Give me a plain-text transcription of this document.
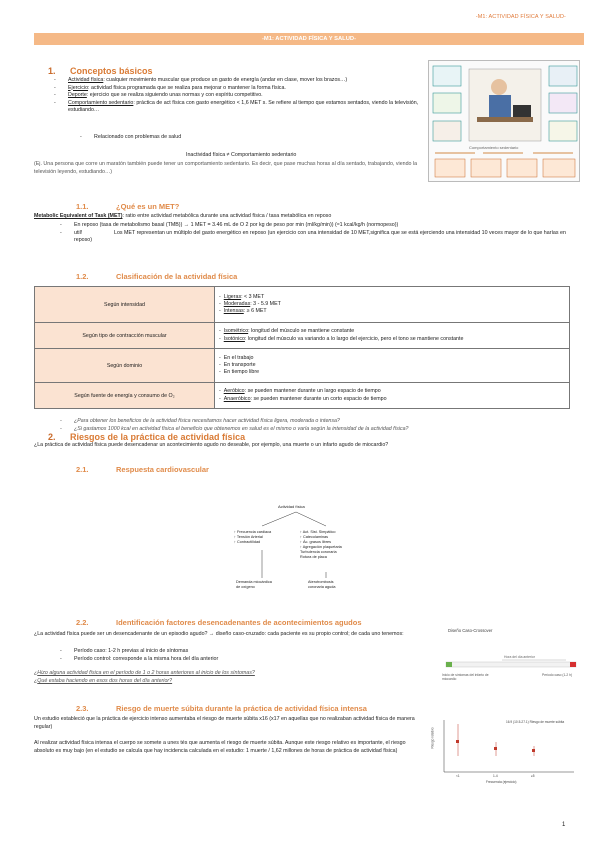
-M1: ACTIVIDAD FÍSICA Y SALUD-
-M1: ACTIVIDAD FÍSICA Y SALUD-
1. Conceptos básicos
- Actividad física: cualquier movimiento muscular que produce un gasto de energía (andar en clase, mover los brazos…)
- Ejercicio: actividad física programada que se realiza para mejorar o mantener la forma física.
- Deporte: ejercicio que se realiza siguiendo unas normas y con espíritu competitivo.
- Comportamiento sedentario: práctica de act física con gasto energético < 1,6 MET s. Se refiere al tiempo que estamos sentados, viendo la televisión, estudiando…
- Relacionado con problemas de salud
Inactividad física ≠ Comportamiento sedentario
(Ej. Una persona que corre un maratón también puede tener un comportamiento sedentario. Es decir, que pase muchas horas al día sentado, trabajando, viendo la televisión leyendo, estudiando…)
Comportamiento sedentario
1.1.	¿Qué es un MET?
Metabolic Equivalent of Task (MET): ratio entre actividad metabólica durante una actividad física / tasa metabólica en reposo
- En reposo (tasa de metabolismo basal (TMB)) → 1 MET = 3.46 mL de O 2 por kg de peso por min (ml/kg/min)) (≈1 kcal/kg/h (normopeso))
- util!	Los MET representan un múltiplo del gasto energético en reposo (un ejercicio con una intensidad de 10 MET,significa que se está ejerciendo una intensidad 10 veces mayor de lo que harías en reposo)
1.2.	Clasificación de la actividad física
Según intensidad	-  Ligeras: < 3 MET
-  Moderadas: 3 - 5.9 MET
-  Intensas: ≥ 6 MET

Según tipo de contracción muscular	-  Isométrico: longitud del músculo se mantiene constante
-  Isotónico: longitud del músculo va variando a lo largo del ejercicio, pero el tono se mantiene constante

Según dominio	-  En el trabajo
-  En transporte
-  En tiempo libre

Según fuente de energía y consumo de O₂	-  Aeróbico: se pueden mantener durante un largo espacio de tiempo
-  Anaeróbico: se pueden mantener durante un corto espacio de tiempo
- ¿Para obtener los beneficios de la actividad física necesitamos hacer actividad física ligera, moderada o intensa?
- ¿Si gastamos 1000 kcal en actividad física el beneficio que obtenemos en salud es el mismo o varía según la intensidad de la actividad física?
2. Riesgos de la práctica de actividad física
¿La práctica de actividad física puede desencadenar un acontecimiento agudo no deseable, por ejemplo, una muerte o un infarto agudo de miocardio?
2.1.	Respuesta cardiovascular
Actividad física
↑ Frecuencia cardiaca
↑ Tensión Arterial
↑ Contractilidad
↑ Act. Sist. Simpático
↑ Catecolaminas
↑ Ác. grasos libres
↑ Agregación plaquetaria
Turbulencia coronaria
Rotura de placa
Demanda miocárdica
de oxígeno
Aterotrombosis
coronaria aguda
2.2.	Identificación factores desencadenantes de acontecimientos agudos
¿La actividad física puede ser un desencadenante de un episodio agudo? → diseño caso-cruzado: cada paciente es su propio control; de cada uno tenemos:
- Período caso: 1-2 h previas al inicio de síntomas
- Período control: corresponde a la misma hora del día anterior
¿Hizo alguna actividad física en el período de 1 o 2 horas anteriores al inicio de los síntomas?
¿Qué estaba haciendo en esos dos horas del día anterior?
Diseño Caso-Crossover
Hora del día anterior
Inicio de síntomas del infarto de miocardio
Período caso (1-2 h)
2.3.	Riesgo de muerte súbita durante la práctica de actividad física intensa
Un estudio estableció que la práctica de ejercicio intenso aumentaba el riesgo de muerte súbita x16 (x17 en aquellas que no realizaban actividad física de manera regular)
Al realizar actividad física intensa el cuerpo se somete a unes tés que aumenta el riesgo de muerte súbita. Aunque este riesgo relativo es importante, el riesgo absoluto es muy bajo (en el estudio se calcula que hay incidencia calculada en el estudio: 1 muerte / 1,62 millones de horas de práctica de actividad física)
16.9 (10.5-27.1) Riesgo de muerte súbita
Riesgo relativo
<1	1-4	≥5
Frecuencia (ejercicio)
1
